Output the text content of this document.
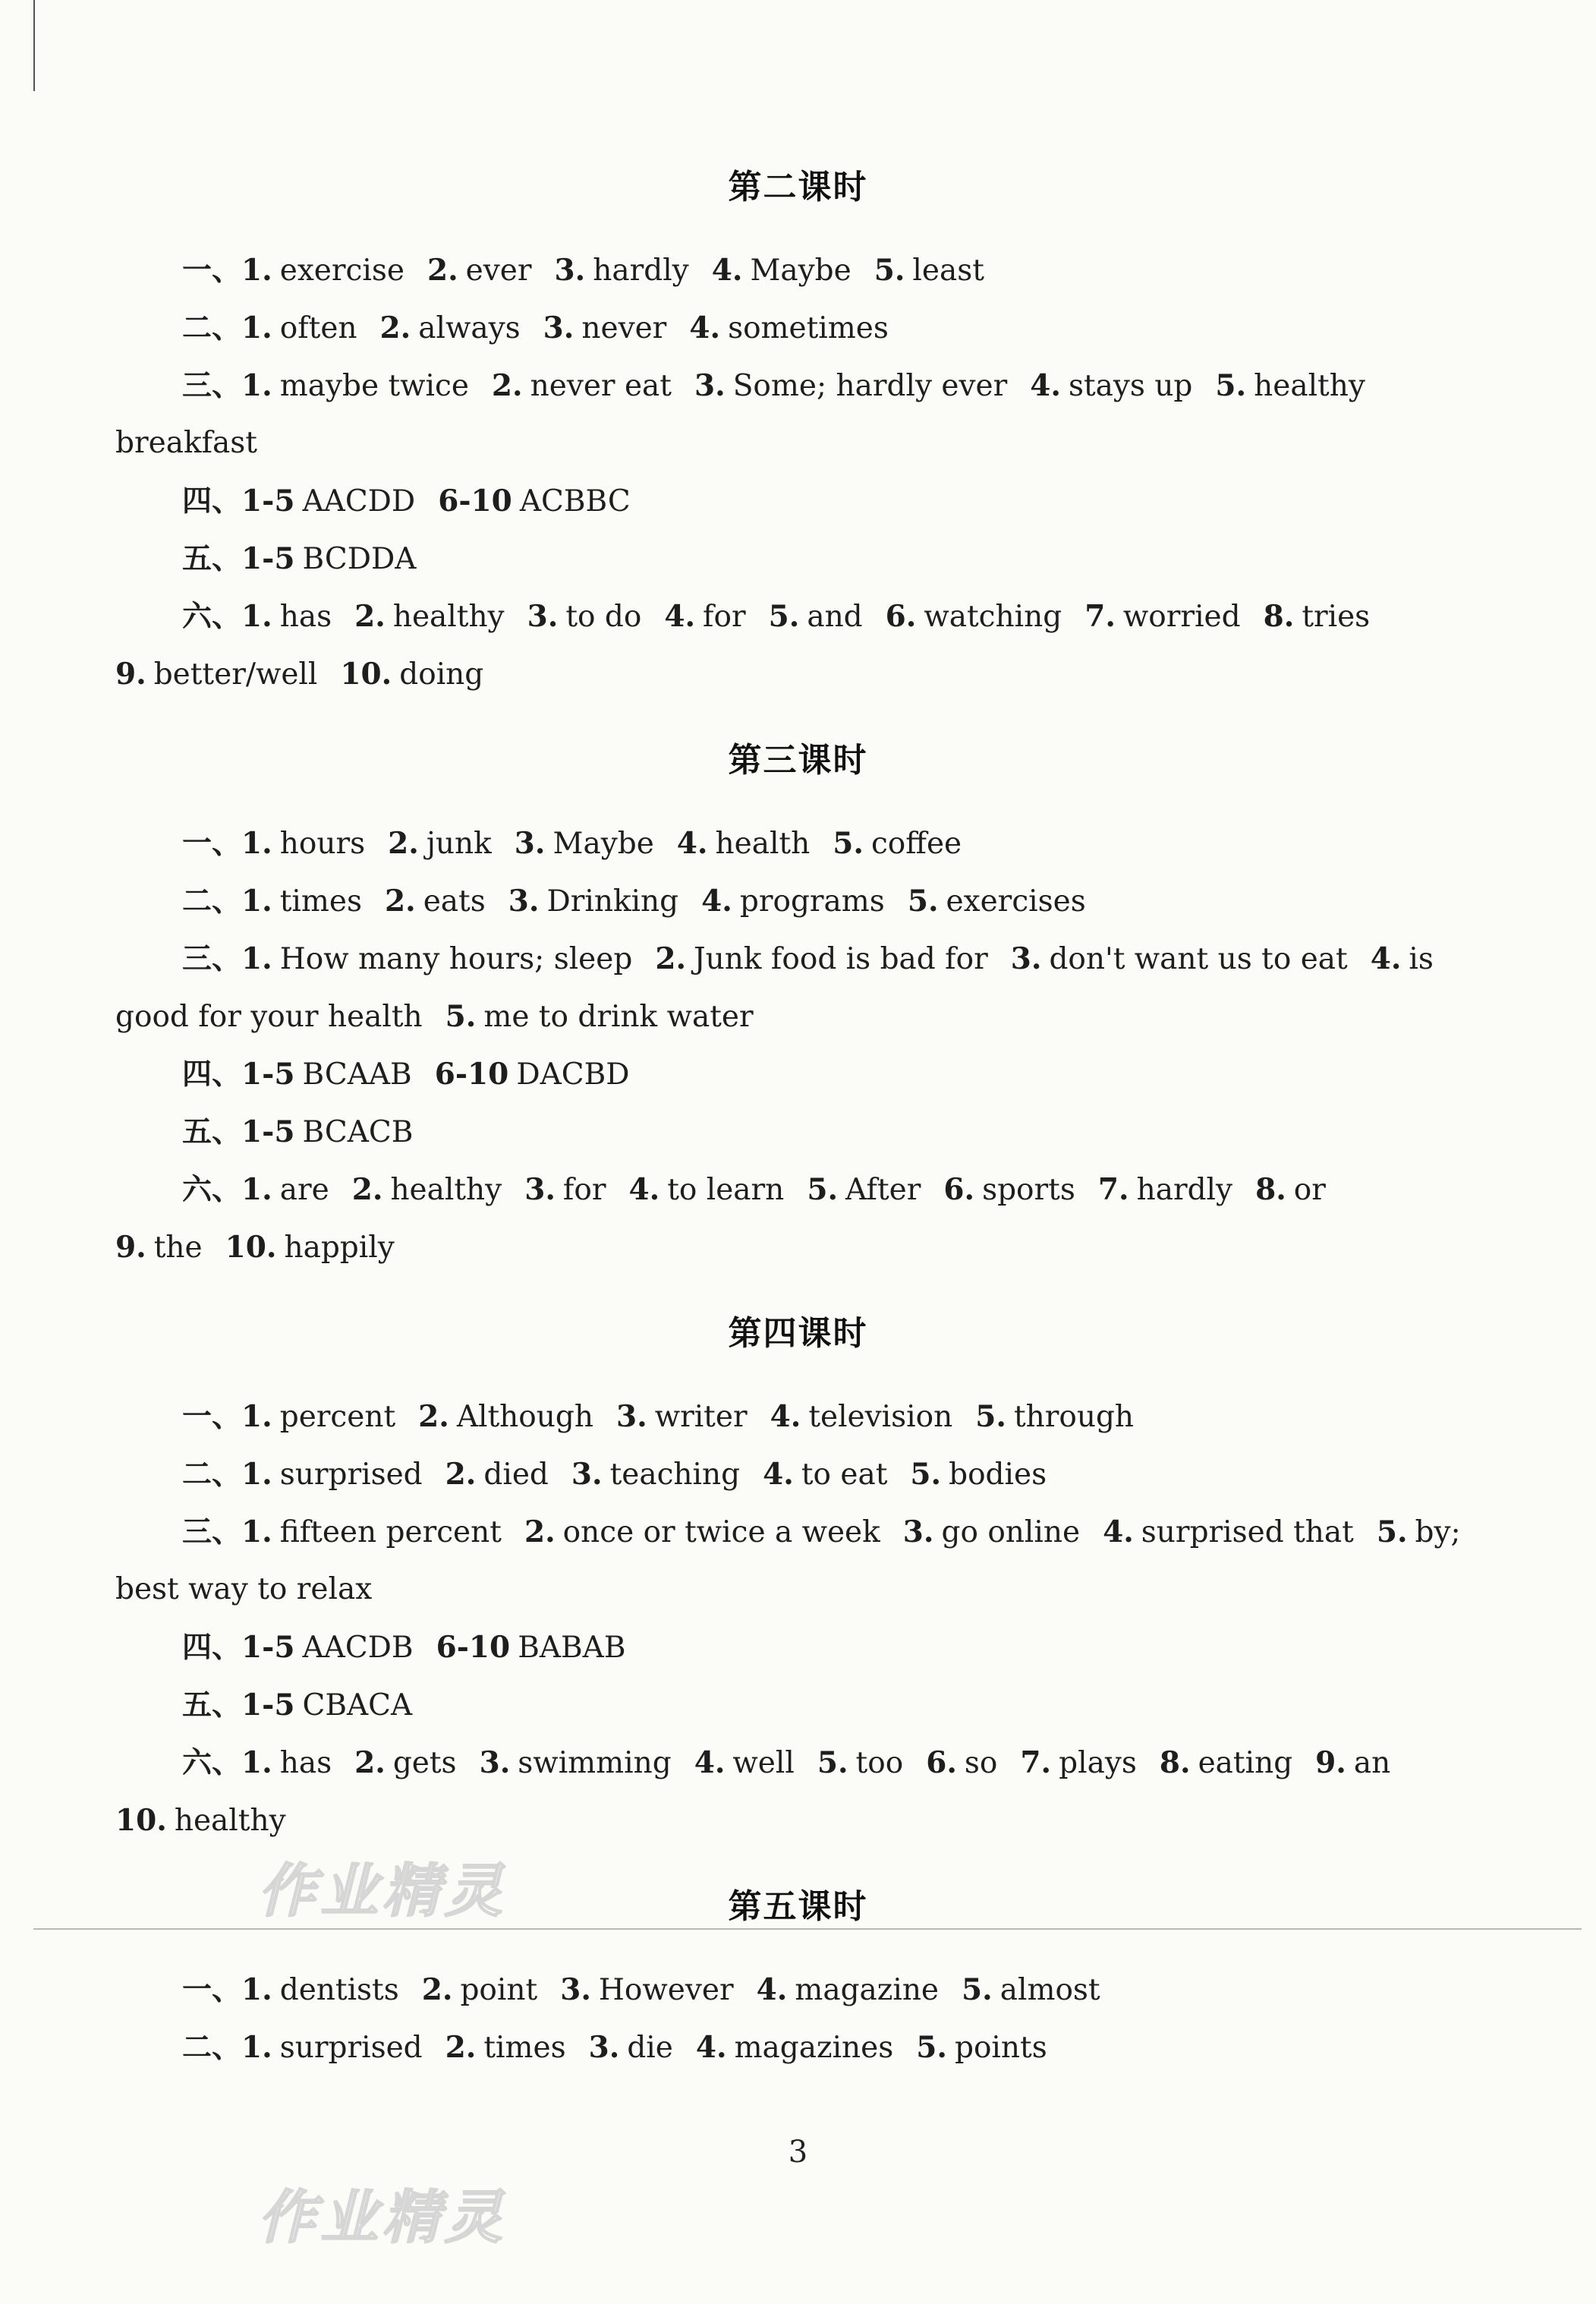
第二课时
一、1. exercise 2. ever 3. hardly 4. Maybe 5. least
二、1. often 2. always 3. never 4. sometimes
三、1. maybe twice 2. never eat 3. Some; hardly ever 4. stays up 5. healthy
breakfast
四、1-5 AACDD 6-10 ACBBC
五、1-5 BCDDA
六、1. has 2. healthy 3. to do 4. for 5. and 6. watching 7. worried 8. tries
9. better/well 10. doing
第三课时
一、1. hours 2. junk 3. Maybe 4. health 5. coffee
二、1. times 2. eats 3. Drinking 4. programs 5. exercises
三、1. How many hours; sleep 2. Junk food is bad for 3. don't want us to eat 4. is
good for your health 5. me to drink water
四、1-5 BCAAB 6-10 DACBD
五、1-5 BCACB
六、1. are 2. healthy 3. for 4. to learn 5. After 6. sports 7. hardly 8. or
9. the 10. happily
第四课时
一、1. percent 2. Although 3. writer 4. television 5. through
二、1. surprised 2. died 3. teaching 4. to eat 5. bodies
三、1. fifteen percent 2. once or twice a week 3. go online 4. surprised that 5. by;
best way to relax
四、1-5 AACDB 6-10 BABAB
五、1-5 CBACA
六、1. has 2. gets 3. swimming 4. well 5. too 6. so 7. plays 8. eating 9. an
10. healthy
第五课时
一、1. dentists 2. point 3. However 4. magazine 5. almost
二、1. surprised 2. times 3. die 4. magazines 5. points
作业精灵
作业精灵
3
